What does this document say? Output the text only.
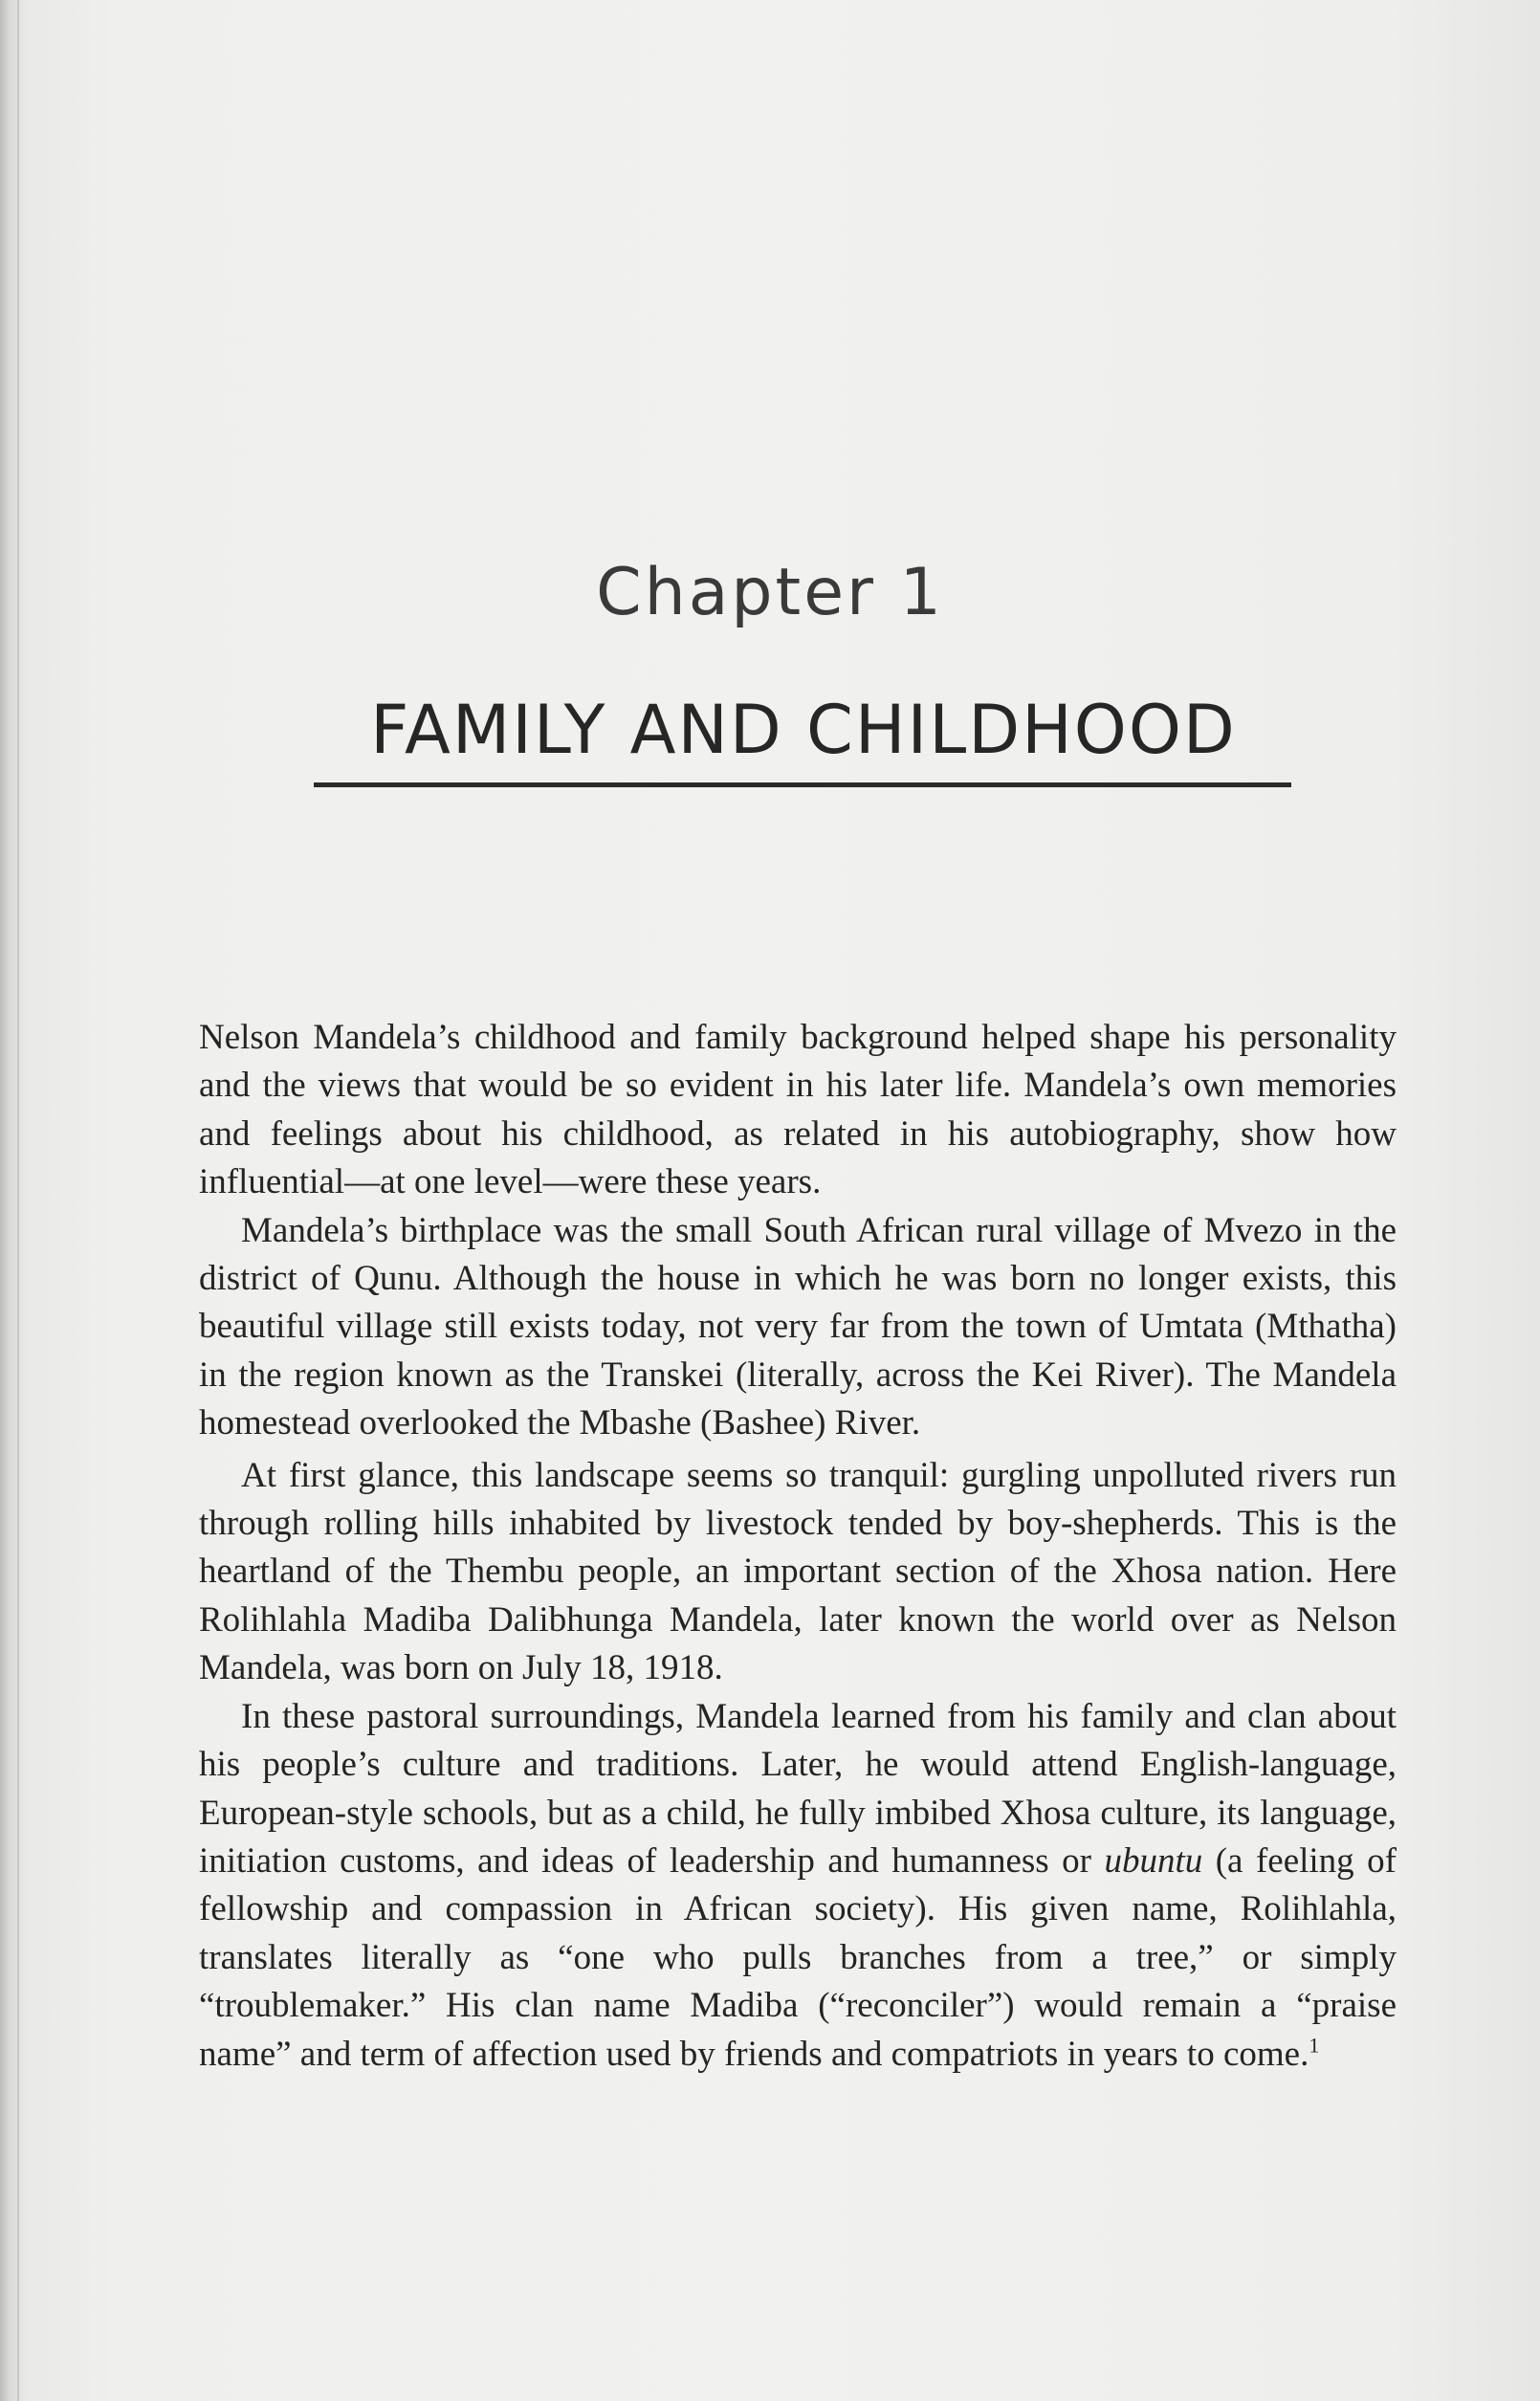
Chapter 1
FAMILY AND CHILDHOOD

Nelson Mandela’s childhood and family background helped shape his personality and the views that would be so evident in his later life. Mandela’s own memories and feelings about his childhood, as related in his autobiography, show how influential—at one level—were these years.

Mandela’s birthplace was the small South African rural village of Mvezo in the district of Qunu. Although the house in which he was born no longer exists, this beautiful village still exists today, not very far from the town of Umtata (Mthatha) in the region known as the Transkei (literally, across the Kei River). The Mandela homestead overlooked the Mbashe (Bashee) River.

At first glance, this landscape seems so tranquil: gurgling unpolluted rivers run through rolling hills inhabited by livestock tended by boy-shepherds. This is the heartland of the Thembu people, an important section of the Xhosa nation. Here Rolihlahla Madiba Dalibhunga Mandela, later known the world over as Nelson Mandela, was born on July 18, 1918.

In these pastoral surroundings, Mandela learned from his family and clan about his people’s culture and traditions. Later, he would attend English-language, European-style schools, but as a child, he fully imbibed Xhosa culture, its language, initiation customs, and ideas of leadership and humanness or ubuntu (a feeling of fellowship and compassion in African society). His given name, Rolihlahla, translates literally as “one who pulls branches from a tree,” or simply “troublemaker.” His clan name Madiba (“reconciler”) would remain a “praise name” and term of affection used by friends and compatriots in years to come.$^1$
